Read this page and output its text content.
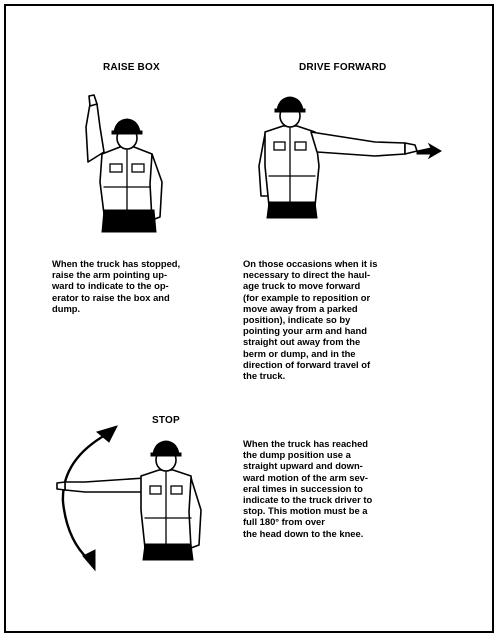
RAISE BOX
When the truck has stopped,
raise the arm pointing up-
ward to indicate to the op-
erator to raise the box and
dump.
DRIVE FORWARD
On those occasions when it is
necessary to direct the haul-
age truck to move forward
(for example to reposition or
move away from a parked
position), indicate so by
pointing your arm and hand
straight out away from the
berm or dump, and in the
direction of forward travel of
the truck.
STOP
When the truck has reached
the dump position use a
straight upward and down-
ward motion of the arm sev-
eral times in succession to
indicate to the truck driver to
stop. This motion must be a
full 180° from over
the head down to the knee.
